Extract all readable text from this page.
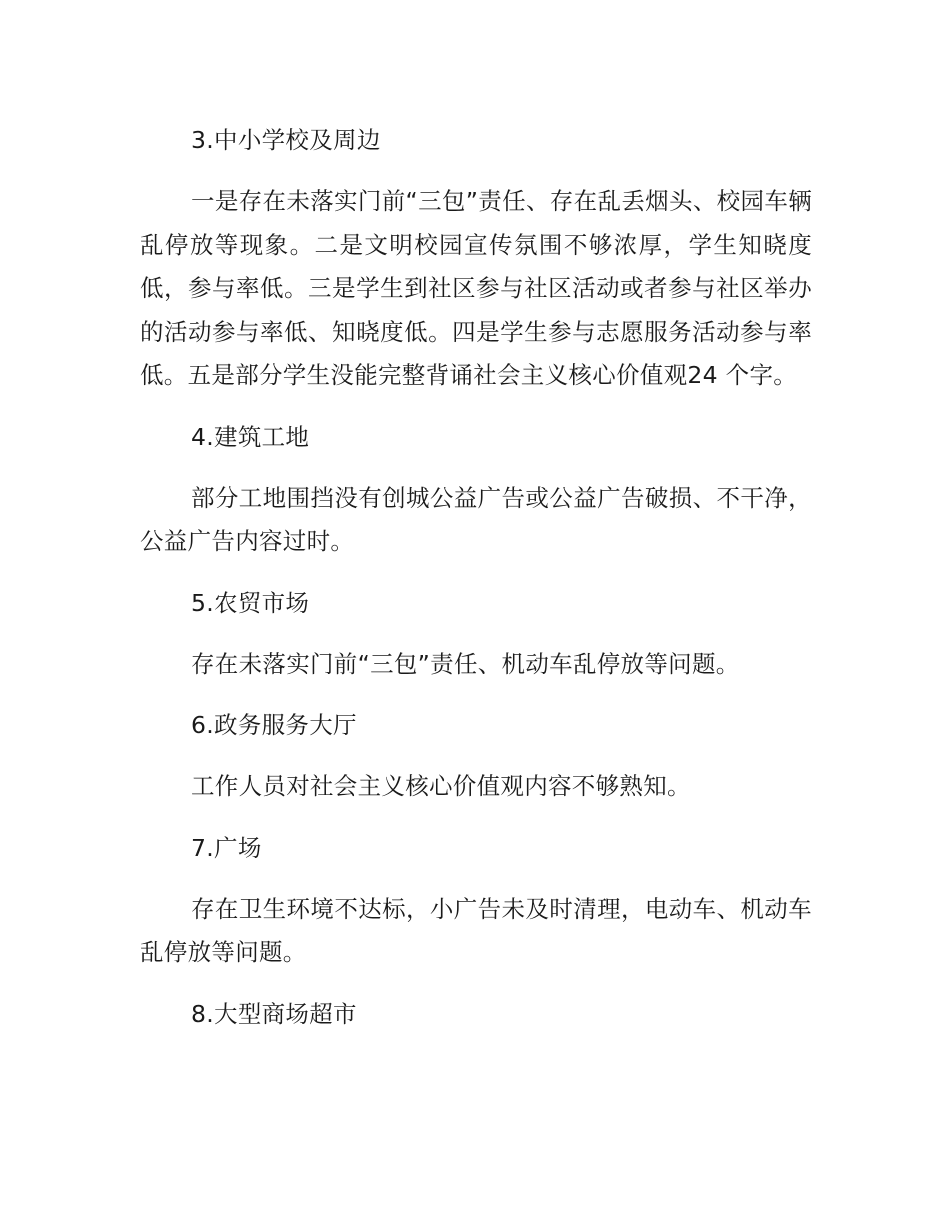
3.中小学校及周边

一是存在未落实门前“三包”责任、存在乱丢烟头、校园车辆乱停放等现象。二是文明校园宣传氛围不够浓厚，学生知晓度低，参与率低。三是学生到社区参与社区活动或者参与社区举办的活动参与率低、知晓度低。四是学生参与志愿服务活动参与率低。五是部分学生没能完整背诵社会主义核心价值观24 个字。

4.建筑工地

部分工地围挡没有创城公益广告或公益广告破损、不干净，公益广告内容过时。

5.农贸市场

存在未落实门前“三包”责任、机动车乱停放等问题。

6.政务服务大厅

工作人员对社会主义核心价值观内容不够熟知。

7.广场

存在卫生环境不达标，小广告未及时清理，电动车、机动车乱停放等问题。

8.大型商场超市
